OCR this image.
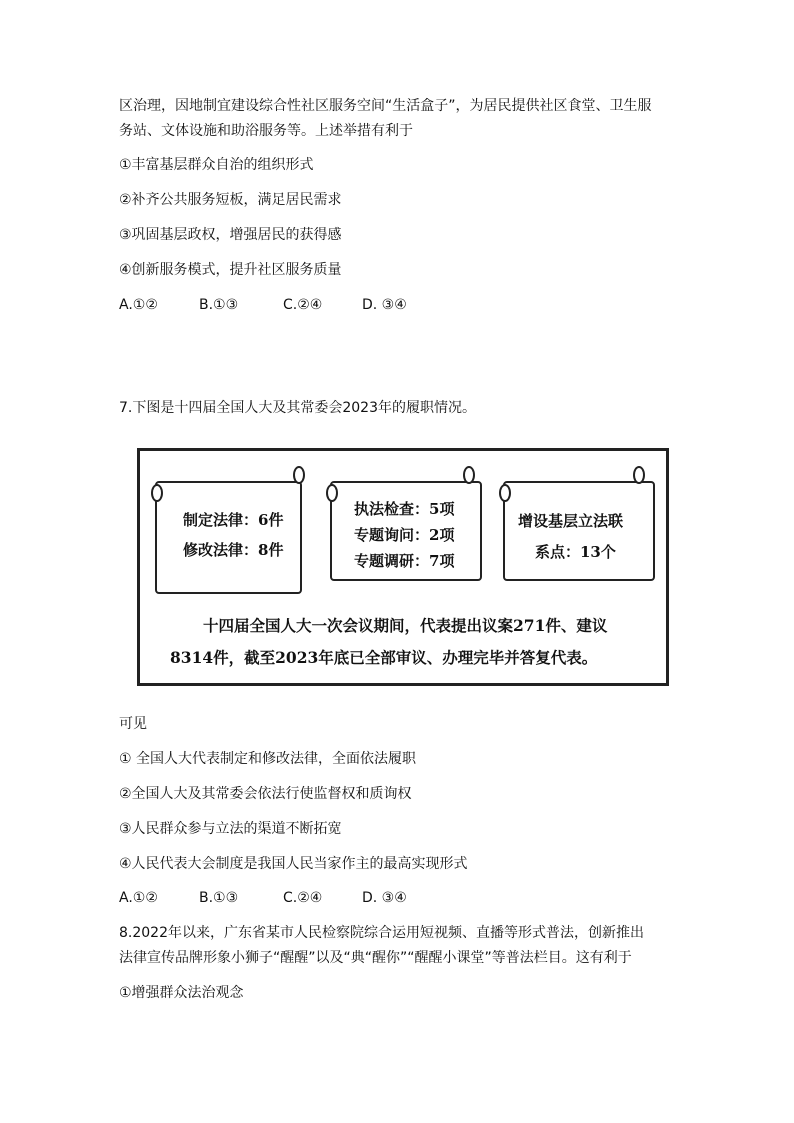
区治理，因地制宜建设综合性社区服务空间“生活盒子”，为居民提供社区食堂、卫生服
务站、文体设施和助浴服务等。上述举措有利于
①丰富基层群众自治的组织形式
②补齐公共服务短板，满足居民需求
③巩固基层政权，增强居民的获得感
④创新服务模式，提升社区服务质量
A.①②	B.①③	C.②④	D. ③④
7.下图是十四届全国人大及其常委会2023年的履职情况。
制定法律：6件
修改法律：8件
执法检查：5项
专题询问：2项
专题调研：7项
增设基层立法联
系点：13个
十四届全国人大一次会议期间，代表提出议案271件、建议
8314件，截至2023年底已全部审议、办理完毕并答复代表。
可见
① 全国人大代表制定和修改法律，全面依法履职
②全国人大及其常委会依法行使监督权和质询权
③人民群众参与立法的渠道不断拓宽
④人民代表大会制度是我国人民当家作主的最高实现形式
A.①②	B.①③	C.②④	D. ③④
8.2022年以来，广东省某市人民检察院综合运用短视频、直播等形式普法，创新推出
法律宣传品牌形象小狮子“醒醒”以及“典“醒你”“醒醒小课堂”等普法栏目。这有利于
①增强群众法治观念
